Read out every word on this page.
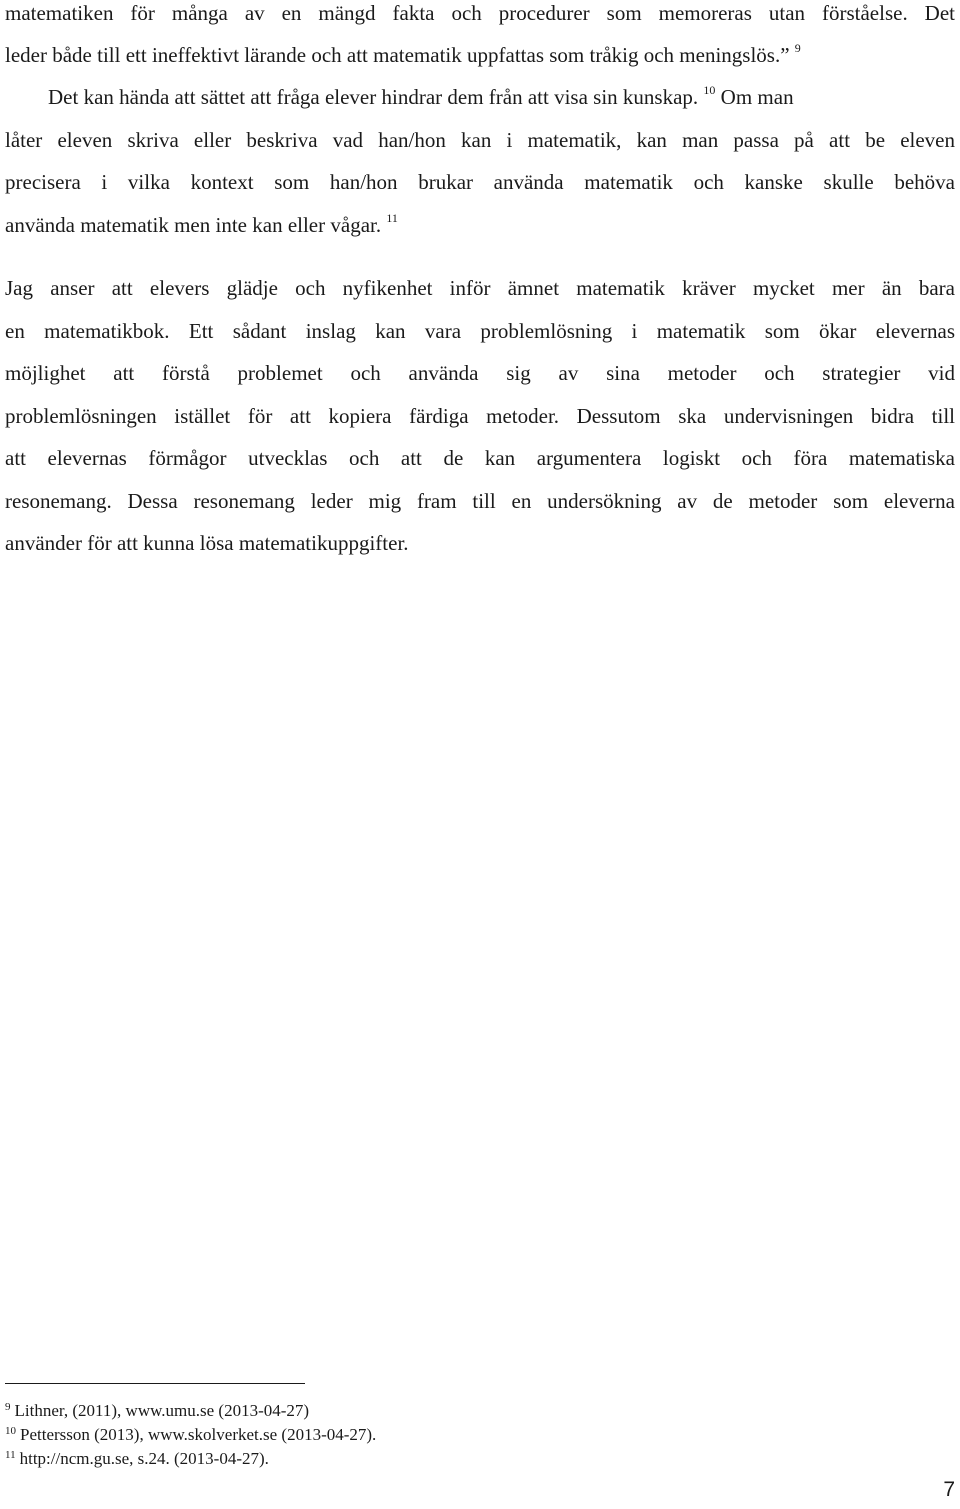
matematiken för många av en mängd fakta och procedurer som memoreras utan förståelse. Det
leder både till ett ineffektivt lärande och att matematik uppfattas som tråkig och meningslös.” $^9$
Det kan hända att sättet att fråga elever hindrar dem från att visa sin kunskap. $^{10}$ Om man
låter eleven skriva eller beskriva vad han/hon kan i matematik, kan man passa på att be eleven
precisera i vilka kontext som han/hon brukar använda matematik och kanske skulle behöva
använda matematik men inte kan eller vågar. $^{11}$
Jag anser att elevers glädje och nyfikenhet inför ämnet matematik kräver mycket mer än bara
en matematikbok. Ett sådant inslag kan vara problemlösning i matematik som ökar elevernas
möjlighet att förstå problemet och använda sig av sina metoder och strategier vid
problemlösningen istället för att kopiera färdiga metoder. Dessutom ska undervisningen bidra till
att elevernas förmågor utvecklas och att de kan argumentera logiskt och föra matematiska
resonemang. Dessa resonemang leder mig fram till en undersökning av de metoder som eleverna
använder för att kunna lösa matematikuppgifter.
$^9$ Lithner, (2011), www.umu.se (2013-04-27)
$^{10}$ Pettersson (2013), www.skolverket.se (2013-04-27).
$^{11}$ http://ncm.gu.se, s.24. (2013-04-27).
7
